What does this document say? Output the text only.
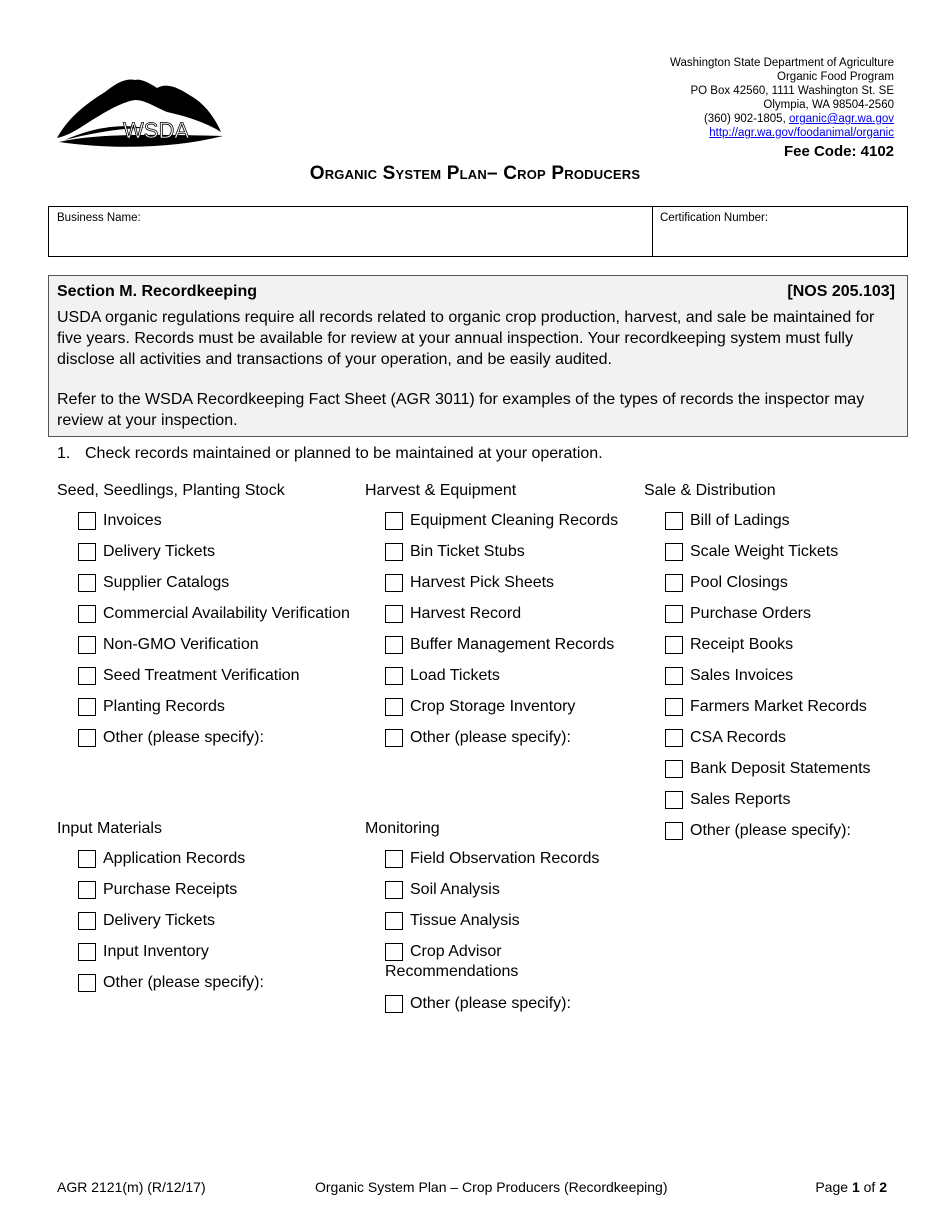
WSDA
Washington State Department of Agriculture
Organic Food Program
PO Box 42560, 1111 Washington St. SE
Olympia, WA 98504-2560
(360) 902-1805, organic@agr.wa.gov
http://agr.wa.gov/foodanimal/organic
Fee Code: 4102
Organic System Plan– Crop Producers
Business Name:	Certification Number:
Section M. Recordkeeping	[NOS 205.103]
USDA organic regulations require all records related to organic crop production, harvest, and sale be maintained for five years. Records must be available for review at your annual inspection. Your recordkeeping system must fully disclose all activities and transactions of your operation, and be easily audited.
Refer to the WSDA Recordkeeping Fact Sheet (AGR 3011) for examples of the types of records the inspector may review at your inspection.
1. Check records maintained or planned to be maintained at your operation.
Seed, Seedlings, Planting Stock
Invoices
Delivery Tickets
Supplier Catalogs
Commercial Availability Verification
Non-GMO Verification
Seed Treatment Verification
Planting Records
Other (please specify):
Harvest & Equipment
Equipment Cleaning Records
Bin Ticket Stubs
Harvest Pick Sheets
Harvest Record
Buffer Management Records
Load Tickets
Crop Storage Inventory
Other (please specify):
Sale & Distribution
Bill of Ladings
Scale Weight Tickets
Pool Closings
Purchase Orders
Receipt Books
Sales Invoices
Farmers Market Records
CSA Records
Bank Deposit Statements
Sales Reports
Other (please specify):
Input Materials
Application Records
Purchase Receipts
Delivery Tickets
Input Inventory
Other (please specify):
Monitoring
Field Observation Records
Soil Analysis
Tissue Analysis
Crop Advisor
Recommendations
Other (please specify):
AGR 2121(m) (R/12/17)	Organic System Plan – Crop Producers (Recordkeeping)	Page 1 of 2
